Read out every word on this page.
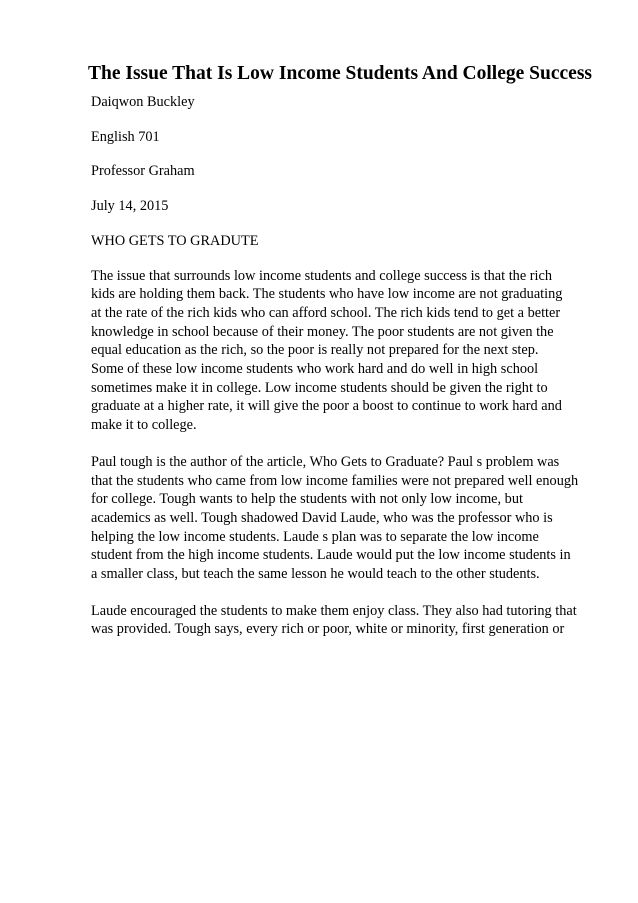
The Issue That Is Low Income Students And College Success

Daiqwon Buckley

English 701

Professor Graham

July 14, 2015

WHO GETS TO GRADUTE

The issue that surrounds low income students and college success is that the rich
kids are holding them back. The students who have low income are not graduating
at the rate of the rich kids who can afford school. The rich kids tend to get a better
knowledge in school because of their money. The poor students are not given the
equal education as the rich, so the poor is really not prepared for the next step.
Some of these low income students who work hard and do well in high school
sometimes make it in college. Low income students should be given the right to
graduate at a higher rate, it will give the poor a boost to continue to work hard and
make it to college.
Paul tough is the author of the article, Who Gets to Graduate? Paul s problem was
that the students who came from low income families were not prepared well enough
for college. Tough wants to help the students with not only low income, but
academics as well. Tough shadowed David Laude, who was the professor who is
helping the low income students. Laude s plan was to separate the low income
student from the high income students. Laude would put the low income students in
a smaller class, but teach the same lesson he would teach to the other students.
Laude encouraged the students to make them enjoy class. They also had tutoring that
was provided. Tough says, every rich or poor, white or minority, first generation or
